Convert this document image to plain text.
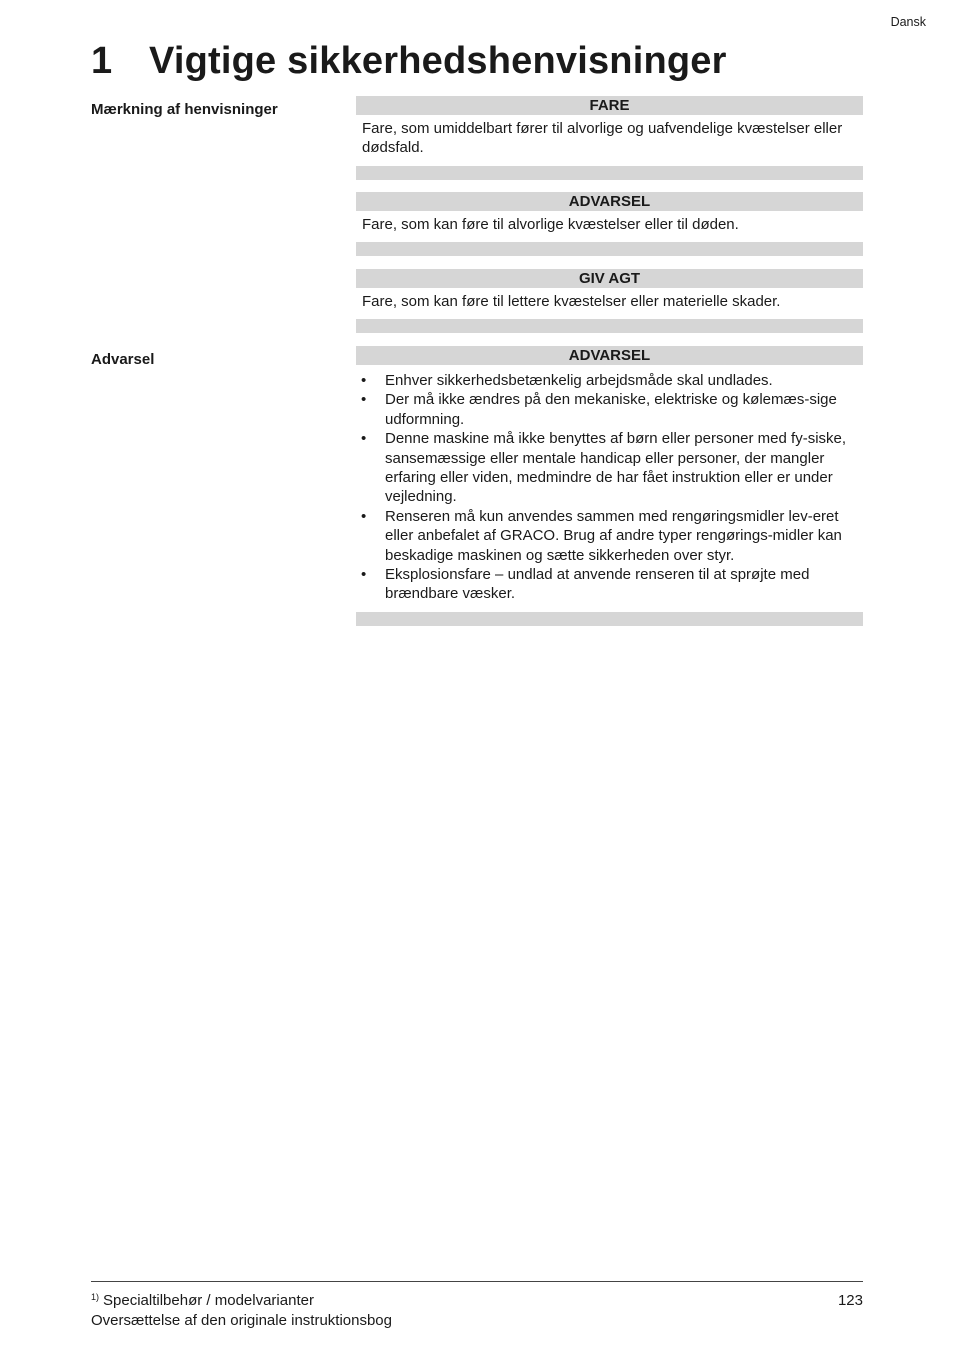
Dansk
1 Vigtige sikkerhedshenvisninger
Mærkning af henvisninger
Advarsel
FARE
Fare, som umiddelbart fører til alvorlige og uafvendelige kvæstelser eller dødsfald.
ADVARSEL
Fare, som kan føre til alvorlige kvæstelser eller til døden.
GIV AGT
Fare, som kan føre til lettere kvæstelser eller materielle skader.
ADVARSEL
• Enhver sikkerhedsbetænkelig arbejdsmåde skal undlades.
• Der må ikke ændres på den mekaniske, elektriske og kølemæs-sige udformning.
• Denne maskine må ikke benyttes af børn eller personer med fy-siske, sansemæssige eller mentale handicap eller personer, der mangler erfaring eller viden, medmindre de har fået instruktion eller er under vejledning.
• Renseren må kun anvendes sammen med rengøringsmidler lev-eret eller anbefalet af GRACO. Brug af andre typer rengørings-midler kan beskadige maskinen og sætte sikkerheden over styr.
• Eksplosionsfare – undlad at anvende renseren til at sprøjte med brændbare væsker.
$^{1)}$ Specialtilbehør / modelvarianter
Oversættelse af den originale instruktionsbog
123
